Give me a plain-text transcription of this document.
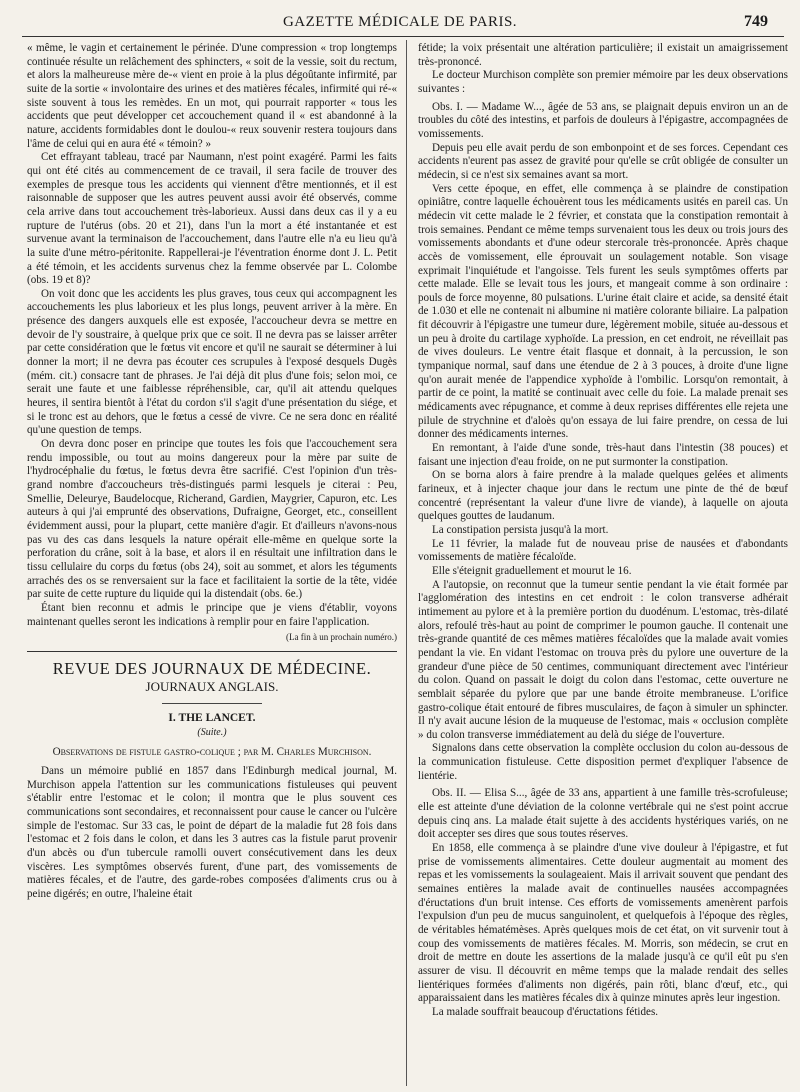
GAZETTE MÉDICALE DE PARIS.	749

« même, le vagin et certainement le périnée. D'une compression « trop longtemps continuée résulte un relâchement des sphincters, « soit de la vessie, soit du rectum, et alors la malheureuse mère de-« vient en proie à la plus dégoûtante infirmité, par suite de la sortie « involontaire des urines et des matières fécales, infirmité qui ré-« siste souvent à tous les remèdes. En un mot, qui pourrait rapporter « tous les accidents que peut développer cet accouchement quand il « est abandonné à la nature, accidents formidables dont le doulou-« reux souvenir restera toujours dans l'âme de celui qui en aura été « témoin? »

Cet effrayant tableau, tracé par Naumann, n'est point exagéré. Parmi les faits qui ont été cités au commencement de ce travail, il sera facile de trouver des exemples de presque tous les accidents qui viennent d'être mentionnés, et il est raisonnable de supposer que les autres peuvent aussi avoir été observés, comme cela arrive dans tout accouchement très-laborieux. Aussi dans deux cas il y a eu rupture de l'utérus (obs. 20 et 21), dans l'un la mort a été instantanée et est survenue avant la terminaison de l'accouchement, dans l'autre elle n'a eu lieu qu'à la suite d'une métro-péritonite. Rappellerai-je l'éventration énorme dont J. L. Petit a été témoin, et les accidents survenus chez la femme observée par L. Colombe (obs. 19 et 8)?

On voit donc que les accidents les plus graves, tous ceux qui accompagnent les accouchements les plus laborieux et les plus longs, peuvent arriver à la mère. En présence des dangers auxquels elle est exposée, l'accoucheur devra se mettre en devoir de l'y soustraire, à quelque prix que ce soit. Il ne devra pas se laisser arrêter par cette considération que le fœtus vit encore et qu'il ne saurait se déterminer à lui donner la mort; il ne devra pas écouter ces scrupules à l'exposé desquels Dugès (mém. cit.) consacre tant de phrases. Je l'ai déjà dit plus d'une fois; selon moi, ce serait une faute et une faiblesse répréhensible, car, qu'il ait attendu quelques heures, il sentira bientôt à l'état du cordon s'il s'agit d'une présentation du siége, et si le tronc est au dehors, que le fœtus a cessé de vivre. Ce ne sera donc en réalité qu'une question de temps.

On devra donc poser en principe que toutes les fois que l'accouchement sera rendu impossible, ou tout au moins dangereux pour la mère par suite de l'hydrocéphalie du fœtus, le fœtus devra être sacrifié. C'est l'opinion d'un très-grand nombre d'accoucheurs très-distingués parmi lesquels je citerai : Peu, Smellie, Deleurye, Baudelocque, Richerand, Gardien, Maygrier, Capuron, etc. Les auteurs à qui j'ai emprunté des observations, Dufraigne, Georget, etc., conseillent évidemment aussi, pour la plupart, cette manière d'agir. Et d'ailleurs n'avons-nous pas vu des cas dans lesquels la nature opérait elle-même en quelque sorte la perforation du crâne, soit à la base, et alors il en résultait une infiltration dans le tissu cellulaire du corps du fœtus (obs 24), soit au sommet, et alors les téguments arrachés des os se renversaient sur la face et facilitaient la sortie de la tête, vidée par suite de cette rupture du liquide qui la distendait (obs. 6e.)

Étant bien reconnu et admis le principe que je viens d'établir, voyons maintenant quelles seront les indications à remplir pour en faire l'application.

(La fin à un prochain numéro.)
REVUE DES JOURNAUX DE MÉDECINE.
JOURNAUX ANGLAIS.
I. THE LANCET.
(Suite.)
Observations de fistule gastro-colique ; par M. Charles Murchison.

Dans un mémoire publié en 1857 dans l'Edinburgh medical journal, M. Murchison appela l'attention sur les communications fistuleuses qui peuvent s'établir entre l'estomac et le colon; il montra que le plus souvent ces communications sont secondaires, et reconnaissent pour cause le cancer ou l'ulcère simple de l'estomac. Sur 33 cas, le point de départ de la maladie fut 28 fois dans l'estomac et 2 fois dans le colon, et dans les 3 autres cas la fistule parut provenir d'un abcès ou d'un tubercule ramolli ouvert consécutivement dans les deux viscères. Les symptômes observés furent, d'une part, des vomissements de matières fécales, et de l'autre, des garde-robes composées d'aliments crus ou à peine digérés; en outre, l'haleine était

fétide; la voix présentait une altération particulière; il existait un amaigrissement très-prononcé.

Le docteur Murchison complète son premier mémoire par les deux observations suivantes :

Obs. I. — Madame W..., âgée de 53 ans, se plaignait depuis environ un an de troubles du côté des intestins, et parfois de douleurs à l'épigastre, accompagnées de vomissements.

Depuis peu elle avait perdu de son embonpoint et de ses forces. Cependant ces accidents n'eurent pas assez de gravité pour qu'elle se crût obligée de consulter un médecin, si ce n'est six semaines avant sa mort.

Vers cette époque, en effet, elle commença à se plaindre de constipation opiniâtre, contre laquelle échouèrent tous les médicaments usités en pareil cas. Un médecin vit cette malade le 2 février, et constata que la constipation remontait à trois semaines. Pendant ce même temps survenaient tous les deux ou trois jours des vomissements abondants et d'une odeur stercorale très-prononcée. Après chaque accès de vomissement, elle éprouvait un soulagement notable. Son visage exprimait l'inquiétude et l'angoisse. Tels furent les seuls symptômes offerts par cette malade. Elle se levait tous les jours, et mangeait comme à son ordinaire : pouls de force moyenne, 80 pulsations. L'urine était claire et acide, sa densité était de 1.030 et elle ne contenait ni albumine ni matière colorante biliaire. La palpation fit découvrir à l'épigastre une tumeur dure, légèrement mobile, située au-dessous et un peu à droite du cartilage xyphoïde. La pression, en cet endroit, ne réveillait pas de vives douleurs. Le ventre était flasque et donnait, à la percussion, le son tympanique normal, sauf dans une étendue de 2 à 3 pouces, à droite d'une ligne qu'on aurait menée de l'appendice xyphoïde à l'ombilic. Lorsqu'on remontait, à partir de ce point, la matité se continuait avec celle du foie. La malade prenait ses médicaments avec répugnance, et comme à deux reprises différentes elle rejeta une pilule de strychnine et d'aloès qu'on essaya de lui faire prendre, on cessa de lui donner des médicaments internes.

En remontant, à l'aide d'une sonde, très-haut dans l'intestin (38 pouces) et faisant une injection d'eau froide, on ne put surmonter la constipation.

On se borna alors à faire prendre à la malade quelques gelées et aliments farineux, et à injecter chaque jour dans le rectum une pinte de thé de bœuf concentré (représentant la valeur d'une livre de viande), à laquelle on ajouta quelques gouttes de laudanum.

La constipation persista jusqu'à la mort.

Le 11 février, la malade fut de nouveau prise de nausées et d'abondants vomissements de matière fécaloïde.

Elle s'éteignit graduellement et mourut le 16.

A l'autopsie, on reconnut que la tumeur sentie pendant la vie était formée par l'agglomération des intestins en cet endroit : le colon transverse adhérait intimement au pylore et à la première portion du duodénum. L'estomac, très-dilaté alors, refoulé très-haut au point de comprimer le poumon gauche. Il contenait une très-grande quantité de ces mêmes matières fécaloïdes que la malade avait vomies pendant la vie. En vidant l'estomac on trouva près du pylore une ouverture de la grandeur d'une pièce de 50 centimes, communiquant directement avec l'intérieur du colon. Quand on passait le doigt du colon dans l'estomac, cette ouverture ne semblait séparée du pylore que par une bande étroite membraneuse. L'orifice gastro-colique était entouré de fibres musculaires, de façon à simuler un sphincter. Il n'y avait aucune lésion de la muqueuse de l'estomac, mais « occlusion complète » du colon transverse immédiatement au delà du siége de l'ouverture.

Signalons dans cette observation la complète occlusion du colon au-dessous de la communication fistuleuse. Cette disposition permet d'expliquer l'absence de lientérie.

Obs. II. — Elisa S..., âgée de 33 ans, appartient à une famille très-scrofuleuse; elle est atteinte d'une déviation de la colonne vertébrale qui ne s'est point accrue depuis cinq ans. La malade était sujette à des accidents hystériques variés, on ne doit accepter ses dires que sous toutes réserves.

En 1858, elle commença à se plaindre d'une vive douleur à l'épigastre, et fut prise de vomissements alimentaires. Cette douleur augmentait au moment des repas et les vomissements la soulageaient. Mais il arrivait souvent que pendant des semaines entières la malade avait de continuelles nausées accompagnées d'éructations d'un bruit intense. Ces efforts de vomissements amenèrent parfois l'expulsion d'un peu de mucus sanguinolent, et quelquefois à l'époque des règles, de véritables hématémèses. Après quelques mois de cet état, on vit survenir tout à coup des vomissements de matières fécales. M. Morris, son médecin, se crut en droit de mettre en doute les assertions de la malade jusqu'à ce qu'il eût pu s'en assurer de visu. Il découvrit en même temps que la malade rendait des selles lientériques formées d'aliments non digérés, pain rôti, blanc d'œuf, etc., qui apparaissaient dans les matières fécales dix à quinze minutes après leur ingestion.

La malade souffrait beaucoup d'éructations fétides.
